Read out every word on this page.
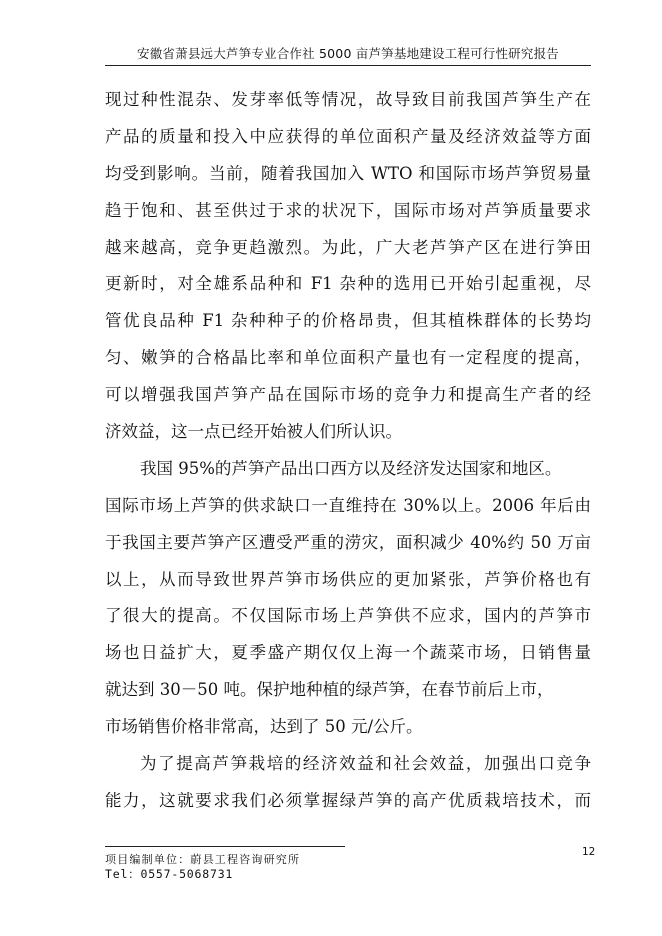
安徽省萧县远大芦笋专业合作社 5000 亩芦笋基地建设工程可行性研究报告
现过种性混杂、发芽率低等情况，故导致目前我国芦笋生产在
产品的质量和投入中应获得的单位面积产量及经济效益等方面
均受到影响。当前，随着我国加入 WTO 和国际市场芦笋贸易量
趋于饱和、甚至供过于求的状况下，国际市场对芦笋质量要求
越来越高，竞争更趋激烈。为此，广大老芦笋产区在进行笋田
更新时，对全雄系品种和 F1 杂种的选用已开始引起重视，尽
管优良品种 F1 杂种种子的价格昂贵，但其植株群体的长势均
匀、嫩笋的合格晶比率和单位面积产量也有一定程度的提高，
可以增强我国芦笋产品在国际市场的竞争力和提高生产者的经
济效益，这一点已经开始被人们所认识。
我国 95%的芦笋产品出口西方以及经济发达国家和地区。
国际市场上芦笋的供求缺口一直维持在 30%以上。2006 年后由
于我国主要芦笋产区遭受严重的涝灾，面积减少 40%约 50 万亩
以上，从而导致世界芦笋市场供应的更加紧张，芦笋价格也有
了很大的提高。不仅国际市场上芦笋供不应求，国内的芦笋市
场也日益扩大，夏季盛产期仅仅上海一个蔬菜市场，日销售量
就达到 30－50 吨。保护地种植的绿芦笋，在春节前后上市，
市场销售价格非常高，达到了 50 元/公斤。
为了提高芦笋栽培的经济效益和社会效益，加强出口竞争
能力，这就要求我们必须掌握绿芦笋的高产优质栽培技术，而
项目编制单位：蔚县工程咨询研究所
Tel：0557-5068731
12
